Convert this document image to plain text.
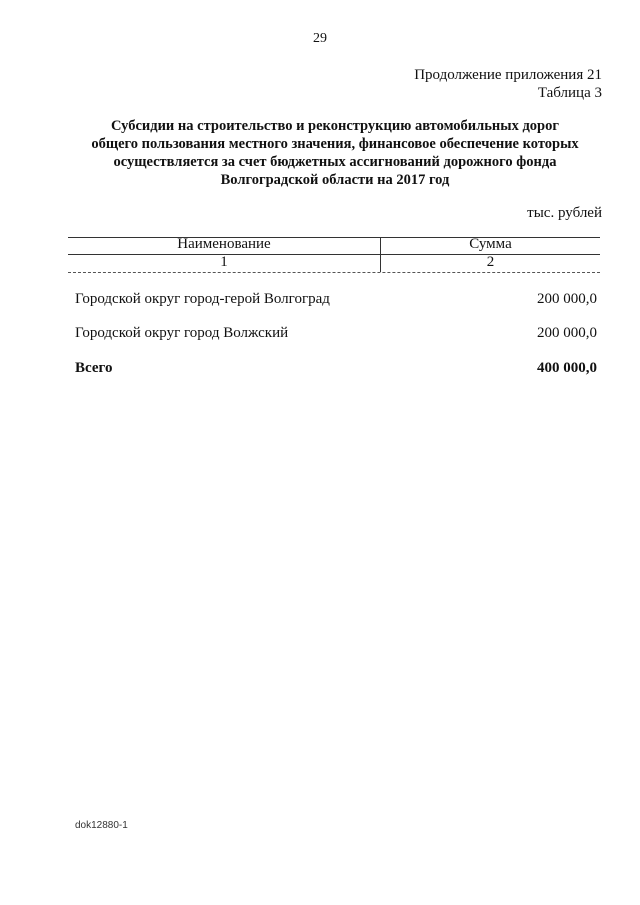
29
Продолжение приложения 21
Таблица 3
Субсидии на строительство и реконструкцию автомобильных дорог
общего пользования местного значения, финансовое обеспечение которых
осуществляется за счет бюджетных ассигнований дорожного фонда
Волгоградской области на 2017 год
тыс. рублей
Наименование	Сумма
1	2
Городской округ город-герой Волгоград	200 000,0
Городской округ город Волжский	200 000,0
Всего	400 000,0
dok12880-1
